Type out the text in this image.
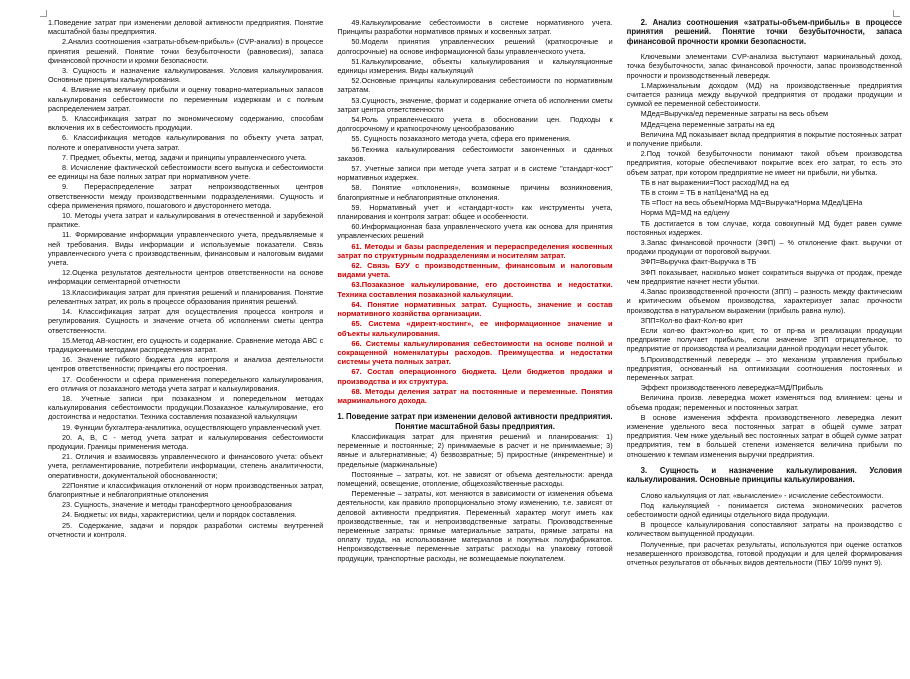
1.Поведение затрат при изменении деловой активности предприятия. Понятие масштабной базы предприятия.

2.Анализ соотношения «затраты-объем-прибыль» (CVP-анализ) в процессе принятия решений. Понятие точки безубыточности (равновесия), запаса финансовой прочности и кромки безопасности.

3. Сущность и назначение калькулирования. Условия калькулирования. Основные принципы калькулирования.

4. Влияние на величину прибыли и оценку товарно-материальных запасов калькулирования себестоимости по переменным издержкам и с полным распределением затрат.

5. Классификация затрат по экономическому содержанию, способам включения их в себестоимость продукции.

6. Классификация методов калькулирования по объекту учета затрат, полноте и оперативности учета затрат.

7. Предмет, объекты, метод, задачи и принципы управленческого учета.

8. Исчисление фактической себестоимости всего выпуска и себестоимости ее единицы на базе полных затрат при нормативном учете.

9. Перераспределение затрат непроизводственных центров ответственности между производственными подразделениями. Сущность и сфера применения прямого, пошагового и двустороннего метода.

10. Методы учета затрат и калькулирования в отечественной и зарубежной практике.

11. Формирование информации управленческого учета, предъявляемые к ней требования. Виды информации и используемые показатели. Связь управленческого учета с производственным, финансовым и налоговым видами учета.

12.Оценка результатов деятельности центров ответственности на основе информации сегментарной отчетности

13.Классификация затрат для принятия решений и планирования. Понятие релевантных затрат, их роль в процессе образования принятия решений.

14. Классификация затрат для осуществления процесса контроля и регулирования. Сущность и значение отчета об исполнении сметы центра ответственности.

15.Метод АВ-костинг, его сущность и содержание. Сравнение метода АВС с традиционными методами распределения затрат.

16. Значение гибкого бюджета для контроля и анализа деятельности центров ответственности; принципы его построения.

17. Особенности и сфера применения попередельного калькулирования, его отличия от позаказного метода учета затрат и калькулирования.

18. Учетные записи при позаказном и попередельном методах калькулирования себестоимости продукции.Позаказное калькулирование, его достоинства и недостатки. Техника составления позаказной калькуляции

19. Функции бухгалтера-аналитика, осуществляющего управленческий учет.

20. А, В, С - метод учета затрат и калькулирования себестоимости продукции. Границы применения метода.

21. Отличия и взаимосвязь управленческого и финансового учета: объект учета, регламентирование, потребители информации, степень аналитичности, оперативности, документальной обоснованности;

22Понятие и классификация отклонений от норм производственных затрат, благоприятные и неблагоприятные отклонения

23. Сущность, значение и методы трансфертного ценообразования

24. Бюджеты: их виды, характеристики, цели и порядок составления.

25. Содержание, задачи и порядок разработки системы внутренней отчетности и контроля.

49.Калькулирование себестоимости в системе нормативного учета. Принципы разработки нормативов прямых и косвенных затрат.

50.Модели принятия управленческих решений (краткосрочные и долгосрочные) на основе информационной базы управленческого учета.

51.Калькулирование, объекты калькулирования и калькуляционные единицы измерения. Виды калькуляций

52.Основные принципы калькулирования себестоимости по нормативным затратам.

53.Сущность, значение, формат и содержание отчета об исполнении сметы затрат центра ответственности

54.Роль управленческого учета в обосновании цен. Подходы к долгосрочному и краткосрочному ценообразованию

55. Сущность позаказного метода учета, сфера его применения.

56.Техника калькулирования себестоимости законченных и сданных заказов.

57. Учетные записи при методе учета затрат и в системе "стандарт-кост" нормативных издержек.

58. Понятие «отклонения», возможные причины возникновения, благоприятные и неблагоприятные отклонения.

59. Нормативный учет и «стандарт-кост» как инструменты учета, планирования и контроля затрат: общее и особенности.

60.Информационная база управленческого учета как основа для принятия управленческих решений

61. Методы и базы распределения и перераспределения косвенных затрат по структурным подразделениям и носителям затрат.

62. Связь БУУ с производственным, финансовым и налоговым видами учета.

63.Позаказное калькулирование, его достоинства и недостатки. Техника составления позаказной калькуляции.

64. Понятие нормативных затрат. Сущность, значение и состав нормативного хозяйства организации.

65. Система «директ-костинг», ее информационное значение и объекты калькулирования.

66. Системы калькулирования себестоимости на основе полной и сокращенной номенклатуры расходов. Преимущества и недостатки системы учета полных затрат.

67. Состав операционного бюджета. Цели бюджетов продажи и производства и их структура.

68. Методы деления затрат на постоянные и переменные. Понятия маржинального дохода.

1. Поведение затрат при изменении деловой активности предприятия. Понятие масштабной базы предприятия.

Классификация затрат для принятия решений и планирования: 1) переменные и постоянные; 2) принимаемые в расчет и не принимаемые; 3) явные и альтернативные; 4) безвозвратные; 5) приростные (инкрементные) и предельные (маржинальные)

Постоянные – затраты, кот. не зависят от объема деятельности: аренда помещений, освещение, отопление, общехозяйственные расходы.

Переменные – затраты, кот. меняются в зависимости от изменения объема деятельности, как правило пропорционально этому изменению, т.е. зависят от деловой активности предприятия. Переменный характер могут иметь как производственные, так и непроизводственные затраты. Производственные переменные затраты: прямые материальные затраты, прямые затраты на оплату труда, на использование материалов и покупных полуфабрикатов. Непроизводственные переменные затраты: расходы на упаковку готовой продукции, транспортные расходы, не возмещаемые покупателем.

2. Анализ соотношения «затраты-объем-прибыль» в процессе принятия решений. Понятие точки безубыточности, запаса финансовой прочности кромки безопасности.

Ключевыми элементами CVP-анализа выступают маржинальный доход, точка безубыточности, запас финансовой прочности, запас производственной прочности и производственный левередж.

1.Маржинальным доходом (МД) на производственные предприятия считается разница между выручкой предприятия от продажи продукции и суммой ее переменной себестоимости.

МДед=Выручка/ед переменные затраты на весь объем

МДед=цена переменные затраты на ед

Величина МД показывает вклад предприятия в покрытие постоянных затрат и получение прибыли.

2.Под точкой безубыточности понимают такой объем производства предприятия, которые обеспечивают покрытие всех его затрат, то есть это объем затрат, при котором предприятие не имеет ни прибыли, ни убытка.

ТБ в нат выражении=Пост расход/МД на ед

ТБ в стоим = ТБ в нат/Цена*МД на ед

ТБ =Пост на весь объем/Норма МД=Выручка*Норма МДед/ЦЕНа

Норма МД=МД на ед/цену

ТБ достигается в том случае, когда совокупный МД будет равен сумме постоянных издержек.

3.Запас финансовой прочности (ЗФП) – % отклонение факт. выручки от продажи продукции от пороговой выручки.

ЗФП=Выручка факт-Выручка в ТБ

ЗФП показывает, насколько может сократиться выручка от продаж, прежде чем предприятие начнет нести убытки.

4.Запас производственной прочности (ЗПП) – разность между фактическим и критическим объемом производства, характеризует запас прочности производства в натуральном выражении (прибыль равна нулю).

ЗПП=Кол-во факт-Кол-во крит

Если кол-во факт>кол-во крит, то от пр-ва и реализации продукции предприятие получает прибыль, если значение ЗПП отрицательное, то предприятие от производства и реализации данной продукции несет убыток.

5.Производственный левередж – это механизм управления прибылью предприятия, основанный на оптимизации соотношения постоянных и переменных затрат.

Эффект производственного левереджа=МД/Прибыль

Величина произв. левереджа может изменяться под влиянием: цены и объема продаж; переменных и постоянных затрат.

В основе изменения эффекта производственного левереджа лежит изменение удельного веса постоянных затрат в общей сумме затрат предприятия. Чем ниже удельный вес постоянных затрат в общей сумме затрат предприятия, тем в большей степени изменяется величина прибыли по отношению к темпам изменения выручки предприятия.

3. Сущность и назначение калькулирования. Условия калькулирования. Основные принципы калькулирования.

Слово калькуляция от лат. «вычисление» - исчисление себестоимости.

Под калькуляцией - понимается система экономических расчетов себестоимости одной единицы отдельного вида продукции.

В процессе калькулирования сопоставляют затраты на производство с количеством выпущенной продукции.

Полученные, при расчетах результаты, используются при оценке остатков незавершенного производства, готовой продукции и для целей формирования отчетных результатов от обычных видов деятельности (ПБУ 10/99 пункт 9).
